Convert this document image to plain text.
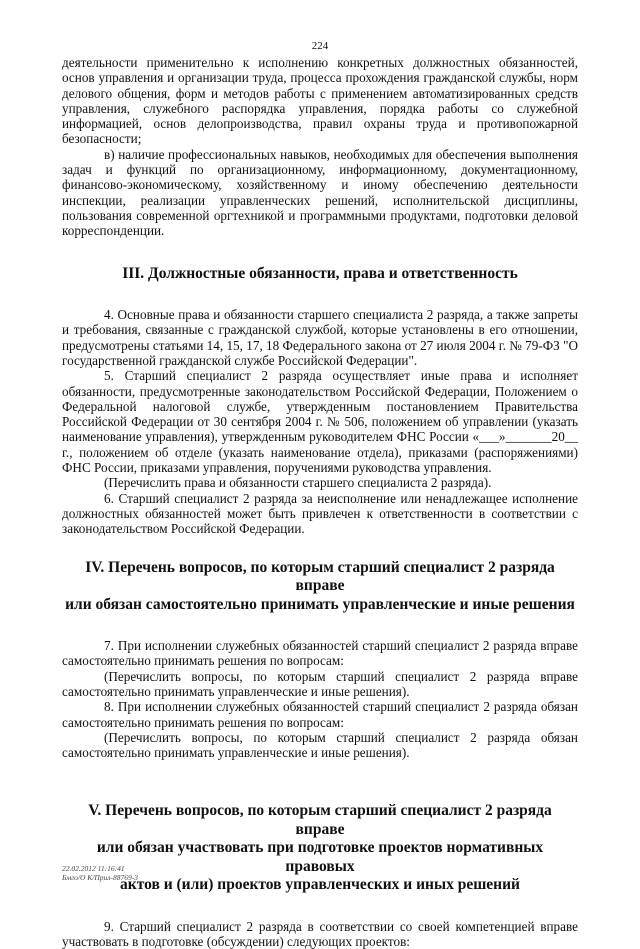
224

деятельности применительно к исполнению конкретных должностных обязанностей, основ управления и организации труда, процесса прохождения гражданской службы, норм делового общения, форм и методов работы с применением автоматизированных средств управления, служебного распорядка управления, порядка работы со служебной информацией, основ делопроизводства, правил охраны труда и противопожарной безопасности;

в) наличие профессиональных навыков, необходимых для обеспечения выполнения задач и функций по организационному, информационному, документационному, финансово-экономическому, хозяйственному и иному обеспечению деятельности инспекции, реализации управленческих решений, исполнительской дисциплины, пользования современной оргтехникой и программными продуктами, подготовки деловой корреспонденции.

III. Должностные обязанности, права и ответственность

4. Основные права и обязанности старшего специалиста 2 разряда, а также запреты и требования, связанные с гражданской службой, которые установлены в его отношении, предусмотрены статьями 14, 15, 17, 18 Федерального закона от 27 июля 2004 г. № 79-ФЗ "О государственной гражданской службе Российской Федерации".

5. Старший специалист 2 разряда осуществляет иные права и исполняет обязанности, предусмотренные законодательством Российской Федерации, Положением о Федеральной налоговой службе, утвержденным постановлением Правительства Российской Федерации от 30 сентября 2004 г. № 506, положением об управлении (указать наименование управления), утвержденным руководителем ФНС России «___»_______20__ г., положением об отделе (указать наименование отдела), приказами (распоряжениями) ФНС России, приказами управления, поручениями руководства управления.

(Перечислить права и обязанности старшего специалиста 2 разряда).

6. Старший специалист 2 разряда за неисполнение или ненадлежащее исполнение должностных обязанностей может быть привлечен к ответственности в соответствии с законодательством Российской Федерации.

IV. Перечень вопросов, по которым старший специалист 2 разряда вправе
или обязан самостоятельно принимать управленческие и иные решения

7. При исполнении служебных обязанностей старший специалист 2 разряда вправе самостоятельно принимать решения по вопросам:

(Перечислить вопросы, по которым старший специалист 2 разряда вправе самостоятельно принимать управленческие и иные решения).

8. При исполнении служебных обязанностей старший специалист 2 разряда обязан самостоятельно принимать решения по вопросам:

(Перечислить вопросы, по которым старший специалист 2 разряда обязан самостоятельно принимать управленческие и иные решения).

V. Перечень вопросов, по которым старший специалист 2 разряда вправе
или обязан участвовать при подготовке проектов нормативных правовых
актов и (или) проектов управленческих и иных решений

9. Старший специалист 2 разряда в соответствии со своей компетенцией вправе участвовать в подготовке (обсуждении) следующих проектов:

22.02.2012 11:16:41
Бмго/О К/Прил-88769-3
